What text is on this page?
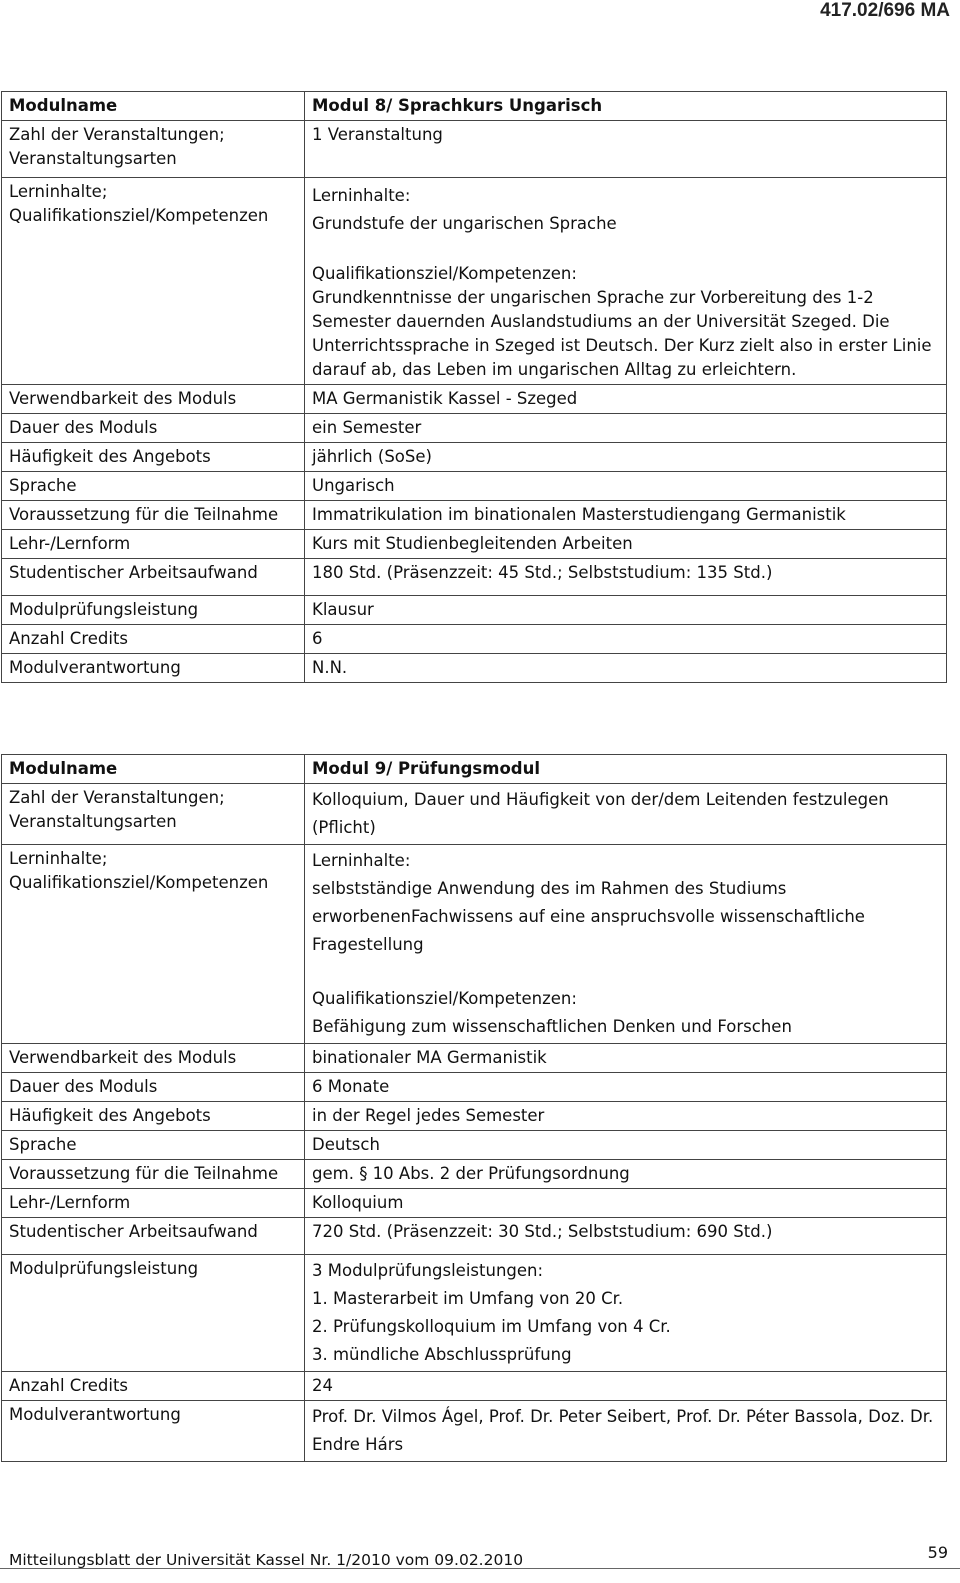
417.02/696 MA
Modulname	Modul 8/ Sprachkurs Ungarisch
Zahl der Veranstaltungen; Veranstaltungsarten	1 Veranstaltung
Lerninhalte; Qualifikationsziel/Kompetenzen	Lerninhalte:

Grundstufe der ungarischen Sprache

Qualifikationsziel/Kompetenzen:

Grundkenntnisse der ungarischen Sprache zur Vorbereitung des 1-2 Semester dauernden Auslandstudiums an der Universität Szeged. Die Unterrichtssprache in Szeged ist Deutsch. Der Kurz zielt also in erster Linie darauf ab, das Leben im ungarischen Alltag zu erleichtern.

Verwendbarkeit des Moduls	MA Germanistik Kassel - Szeged
Dauer des Moduls	ein Semester
Häufigkeit des Angebots	jährlich (SoSe)
Sprache	Ungarisch
Voraussetzung für die Teilnahme	Immatrikulation im binationalen Masterstudiengang Germanistik
Lehr-/Lernform	Kurs mit Studienbegleitenden Arbeiten
Studentischer Arbeitsaufwand	180 Std. (Präsenzzeit: 45 Std.; Selbststudium: 135 Std.)
Modulprüfungsleistung	Klausur
Anzahl Credits	6
Modulverantwortung	N.N.
Modulname	Modul 9/ Prüfungsmodul
Zahl der Veranstaltungen; Veranstaltungsarten	Kolloquium, Dauer und Häufigkeit von der/dem Leitenden festzulegen (Pflicht)
Lerninhalte; Qualifikationsziel/Kompetenzen	Lerninhalte:

selbstständige Anwendung des im Rahmen des Studiums erworbenenFachwissens auf eine anspruchsvolle wissenschaftliche Fragestellung

Qualifikationsziel/Kompetenzen:

Befähigung zum wissenschaftlichen Denken und Forschen

Verwendbarkeit des Moduls	binationaler MA Germanistik
Dauer des Moduls	6 Monate
Häufigkeit des Angebots	in der Regel jedes Semester
Sprache	Deutsch
Voraussetzung für die Teilnahme	gem. § 10 Abs. 2 der Prüfungsordnung
Lehr-/Lernform	Kolloquium
Studentischer Arbeitsaufwand	720 Std. (Präsenzzeit: 30 Std.; Selbststudium: 690 Std.)
Modulprüfungsleistung	3 Modulprüfungsleistungen:

1. Masterarbeit im Umfang von 20 Cr.

2. Prüfungskolloquium im Umfang von 4 Cr.

3. mündliche Abschlussprüfung

Anzahl Credits	24
Modulverantwortung	Prof. Dr. Vilmos Ágel, Prof. Dr. Peter Seibert, Prof. Dr. Péter Bassola, Doz. Dr. Endre Hárs
Mitteilungsblatt der Universität Kassel Nr. 1/2010 vom 09.02.2010	59
